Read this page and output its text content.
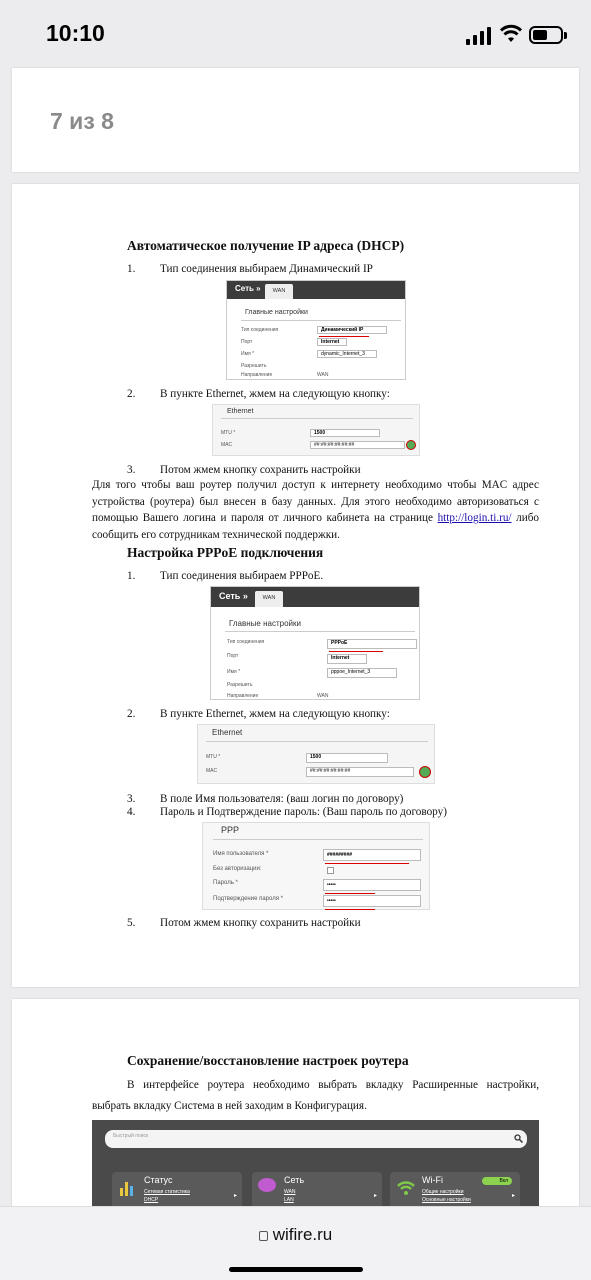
10:10
7 из 8
Автоматическое получение IP адреса (DHCP)
1. Тип соединения выбираем Динамический IP
Сеть »	WAN
Главные настройки
Тип соединения
Порт
Имя *
Разрешить
Направление
Динамический IP
Internet
dynamic_Internet_3
WAN
2. В пункте Ethernet, жмем на следующую кнопку:
Ethernet
MTU *
MAC
1500
##:##:##:##:##:##
3. Потом жмем кнопку сохранить настройки
Для того чтобы ваш роутер получил доступ к интернету необходимо чтобы MAC адрес устройства (роутера) был внесен в базу данных. Для этого необходимо авторизоваться с помощью Вашего логина и пароля от личного кабинета на странице http://login.ti.ru/ либо сообщить его сотрудникам технической поддержки.
Настройка PPPoE подключения
1. Тип соединения выбираем PPPoE.
Сеть »	WAN
Главные настройки
Тип соединения
Порт
Имя *
Разрешить
Направление
PPPoE
Internet
pppoe_Internet_3
WAN
2. В пункте Ethernet, жмем на следующую кнопку:
Ethernet
MTU *
MAC
1500
##:##:##:##:##:##
3. В поле Имя пользователя: (ваш логин по договору)
4. Пароль и Подтверждение пароль: (Ваш пароль по договору)
PPP
Имя пользователя *
Без авторизации:
Пароль *
Подтверждение пароля *
#########
•••••
•••••
5. Потом жмем кнопку сохранить настройки
Сохранение/восстановление настроек роутера
В интерфейсе роутера необходимо выбрать вкладку Расширенные настройки, выбрать вкладку Система в ней заходим в Конфигурация.
Быстрый поиск
Статус
Сетевая статистика
DHCP
▸
Сеть
WAN
LAN
▸
Wi-Fi
Общие настройки
Основные настройки
Вкл
▸
wifire.ru
